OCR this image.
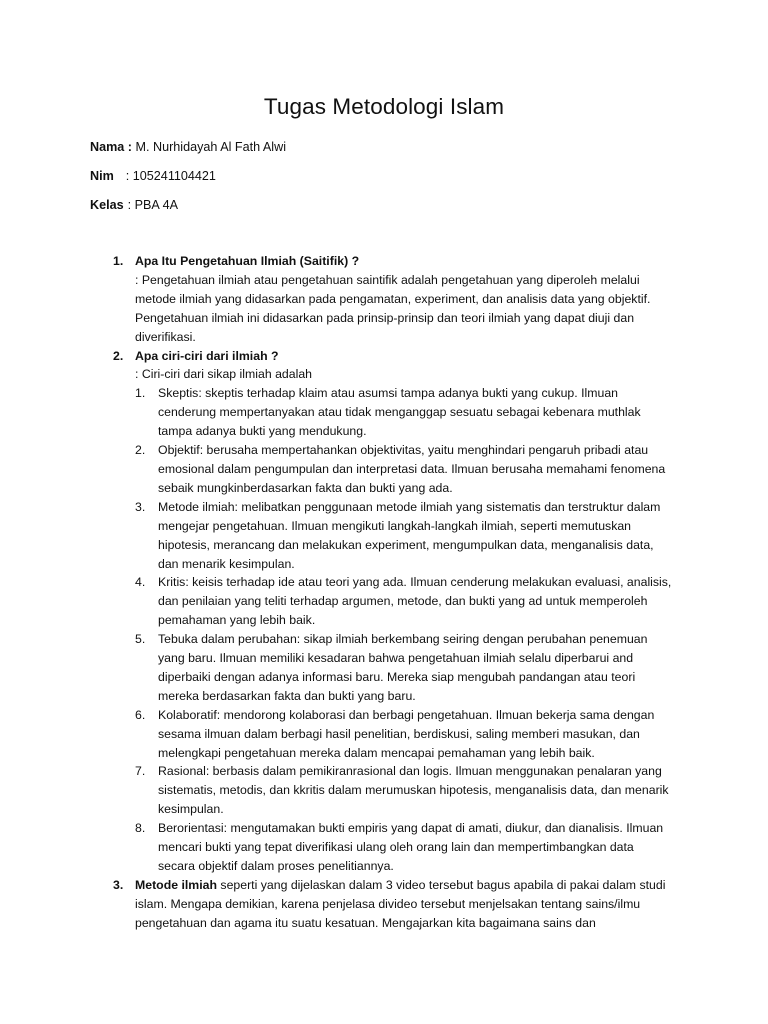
Tugas Metodologi Islam
Nama : M. Nurhidayah Al Fath Alwi
Nim : 105241104421
Kelas : PBA 4A
1. Apa Itu Pengetahuan Ilmiah (Saitifik) ?

: Pengetahuan ilmiah atau pengetahuan saintifik adalah pengetahuan yang diperoleh melalui metode ilmiah yang didasarkan pada pengamatan, experiment, dan analisis data yang objektif. Pengetahuan ilmiah ini didasarkan pada prinsip-prinsip dan teori ilmiah yang dapat diuji dan diverifikasi.

2. Apa ciri-ciri dari ilmiah ?

: Ciri-ciri dari sikap ilmiah adalah

1. Skeptis: skeptis terhadap klaim atau asumsi tampa adanya bukti yang cukup. Ilmuan cenderung mempertanyakan atau tidak menganggap sesuatu sebagai kebenara muthlak tampa adanya bukti yang mendukung.
2. Objektif: berusaha mempertahankan objektivitas, yaitu menghindari pengaruh pribadi atau emosional dalam pengumpulan dan interpretasi data. Ilmuan berusaha memahami fenomena sebaik mungkinberdasarkan fakta dan bukti yang ada.
3. Metode ilmiah: melibatkan penggunaan metode ilmiah yang sistematis dan terstruktur dalam mengejar pengetahuan. Ilmuan mengikuti langkah-langkah ilmiah, seperti memutuskan hipotesis, merancang dan melakukan experiment, mengumpulkan data, menganalisis data, dan menarik kesimpulan.
4. Kritis: keisis terhadap ide atau teori yang ada. Ilmuan cenderung melakukan evaluasi, analisis, dan penilaian yang teliti terhadap argumen, metode, dan bukti yang ad untuk memperoleh pemahaman yang lebih baik.
5. Tebuka dalam perubahan: sikap ilmiah berkembang seiring dengan perubahan penemuan yang baru. Ilmuan memiliki kesadaran bahwa pengetahuan ilmiah selalu diperbarui and diperbaiki dengan adanya informasi baru. Mereka siap mengubah pandangan atau teori mereka berdasarkan fakta dan bukti yang baru.
6. Kolaboratif: mendorong kolaborasi dan berbagi pengetahuan. Ilmuan bekerja sama dengan sesama ilmuan dalam berbagi hasil penelitian, berdiskusi, saling memberi masukan, dan melengkapi pengetahuan mereka dalam mencapai pemahaman yang lebih baik.
7. Rasional: berbasis dalam pemikiranrasional dan logis. Ilmuan menggunakan penalaran yang sistematis, metodis, dan kkritis dalam merumuskan hipotesis, menganalisis data, dan menarik kesimpulan.
8. Berorientasi: mengutamakan bukti empiris yang dapat di amati, diukur, dan dianalisis. Ilmuan mencari bukti yang tepat diverifikasi ulang oleh orang lain dan mempertimbangkan data secara objektif dalam proses penelitiannya.
3. Metode ilmiah seperti yang dijelaskan dalam 3 video tersebut bagus apabila di pakai dalam studi islam. Mengapa demikian, karena penjelasa divideo tersebut menjelsakan tentang sains/ilmu pengetahuan dan agama itu suatu kesatuan. Mengajarkan kita bagaimana sains dan
